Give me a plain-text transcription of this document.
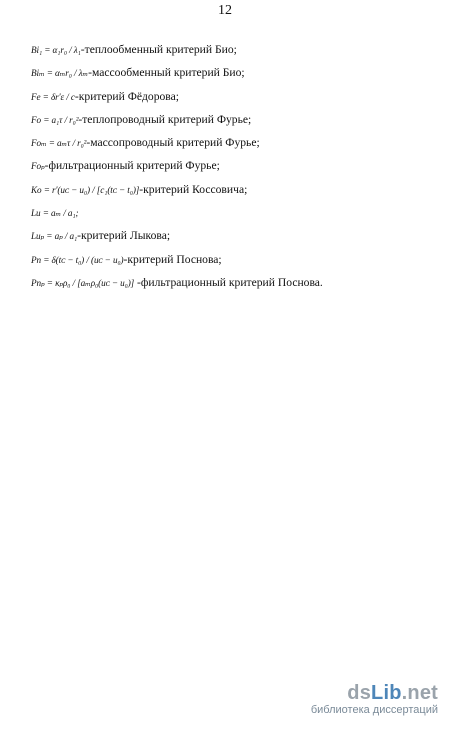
12
Bi₁ = α₁r₀ / λ₁-теплообменный критерий Био;
Biₘ = αₘr₀ / λₘ-массообменный критерий Био;
Fe = δr′ε / c-критерий Фёдорова;
Fo = a₁τ / r₀²-теплопроводный критерий Фурье;
Foₘ = aₘτ / r₀²-массопроводный критерий Фурье;
Foₚ-фильтрационный критерий Фурье;
Ko = r′(uᴄ − u₀) / [c₁(tᴄ − t₀)]-критерий Коссовича;
Lu = aₘ / a₁;
Luₚ = aₚ / a₁-критерий Лыкова;
Pn = δ(tᴄ − t₀) / (uᴄ − u₀)-критерий Поснова;
Pnₚ = κₚρ₀ / [aₘρ₀(uᴄ − u₀)] -фильтрационный критерий Поснова.
dsLib.net
библиотека диссертаций
